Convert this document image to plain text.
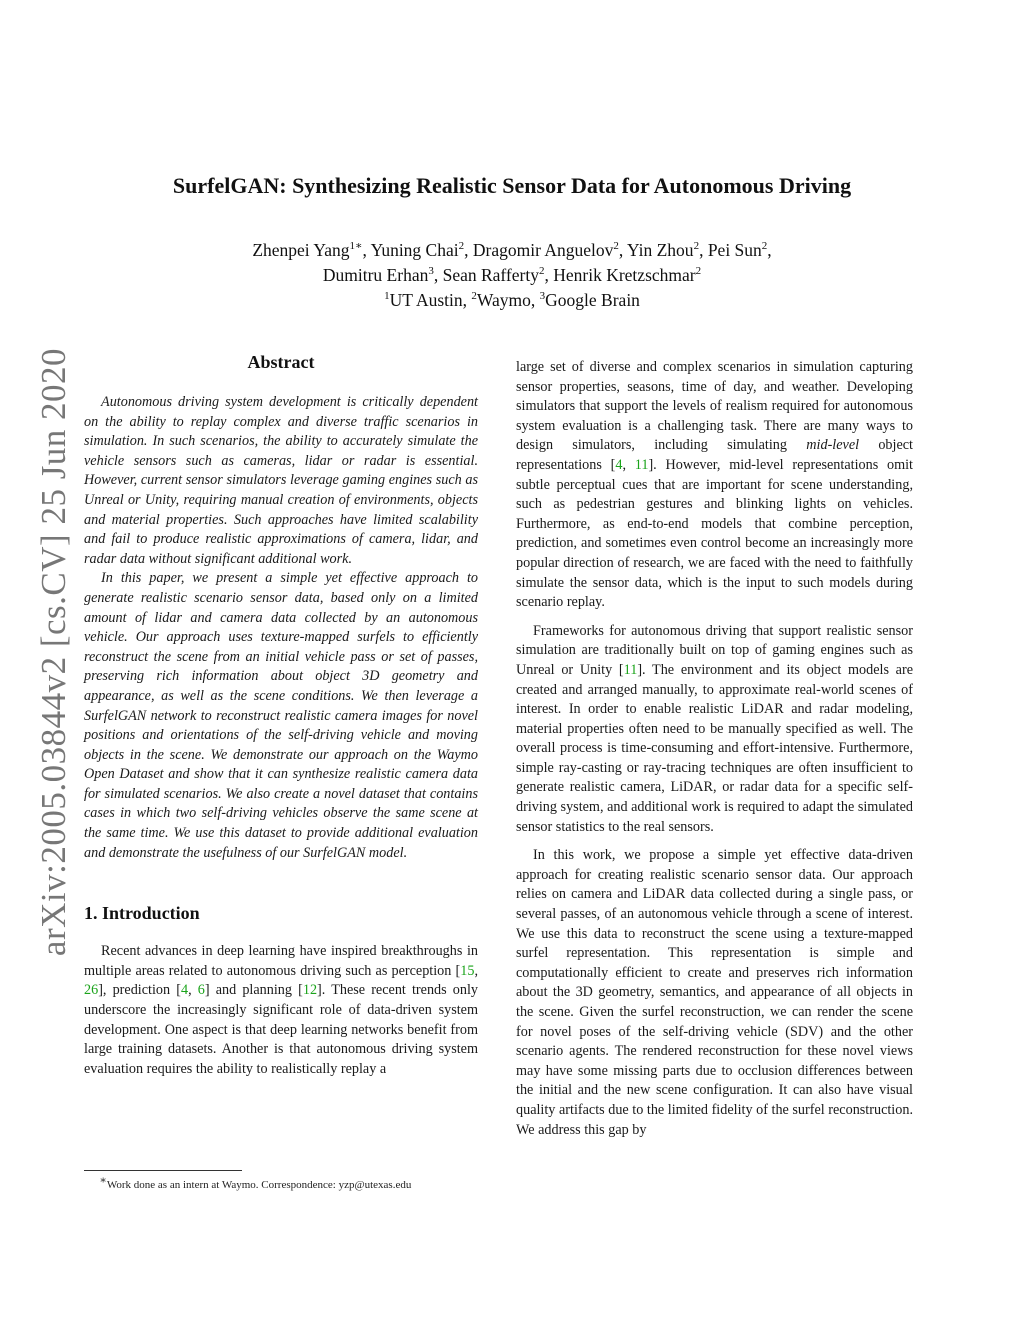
arXiv:2005.03844v2 [cs.CV] 25 Jun 2020
SurfelGAN: Synthesizing Realistic Sensor Data for Autonomous Driving
Zhenpei Yang$^{1∗}$, Yuning Chai$^2$, Dragomir Anguelov$^2$, Yin Zhou$^2$, Pei Sun$^2$,
Dumitru Erhan$^3$, Sean Rafferty$^2$, Henrik Kretzschmar$^2$
$^1$UT Austin, $^2$Waymo, $^3$Google Brain
Abstract

Autonomous driving system development is critically dependent on the ability to replay complex and diverse traffic scenarios in simulation. In such scenarios, the ability to accurately simulate the vehicle sensors such as cameras, lidar or radar is essential. However, current sensor simulators leverage gaming engines such as Unreal or Unity, requiring manual creation of environments, objects and material properties. Such approaches have limited scalability and fail to produce realistic approximations of camera, lidar, and radar data without significant additional work.

In this paper, we present a simple yet effective approach to generate realistic scenario sensor data, based only on a limited amount of lidar and camera data collected by an autonomous vehicle. Our approach uses texture-mapped surfels to efficiently reconstruct the scene from an initial vehicle pass or set of passes, preserving rich information about object 3D geometry and appearance, as well as the scene conditions. We then leverage a SurfelGAN network to reconstruct realistic camera images for novel positions and orientations of the self-driving vehicle and moving objects in the scene. We demonstrate our approach on the Waymo Open Dataset and show that it can synthesize realistic camera data for simulated scenarios. We also create a novel dataset that contains cases in which two self-driving vehicles observe the same scene at the same time. We use this dataset to provide additional evaluation and demonstrate the usefulness of our SurfelGAN model.

1. Introduction

Recent advances in deep learning have inspired breakthroughs in multiple areas related to autonomous driving such as perception [15, 26], prediction [4, 6] and planning [12]. These recent trends only underscore the increasingly significant role of data-driven system development. One aspect is that deep learning networks benefit from large training datasets. Another is that autonomous driving system evaluation requires the ability to realistically replay a

large set of diverse and complex scenarios in simulation capturing sensor properties, seasons, time of day, and weather. Developing simulators that support the levels of realism required for autonomous system evaluation is a challenging task. There are many ways to design simulators, including simulating mid-level object representations [4, 11]. However, mid-level representations omit subtle perceptual cues that are important for scene understanding, such as pedestrian gestures and blinking lights on vehicles. Furthermore, as end-to-end models that combine perception, prediction, and sometimes even control become an increasingly more popular direction of research, we are faced with the need to faithfully simulate the sensor data, which is the input to such models during scenario replay.

Frameworks for autonomous driving that support realistic sensor simulation are traditionally built on top of gaming engines such as Unreal or Unity [11]. The environment and its object models are created and arranged manually, to approximate real-world scenes of interest. In order to enable realistic LiDAR and radar modeling, material properties often need to be manually specified as well. The overall process is time-consuming and effort-intensive. Furthermore, simple ray-casting or ray-tracing techniques are often insufficient to generate realistic camera, LiDAR, or radar data for a specific self-driving system, and additional work is required to adapt the simulated sensor statistics to the real sensors.

In this work, we propose a simple yet effective data-driven approach for creating realistic scenario sensor data. Our approach relies on camera and LiDAR data collected during a single pass, or several passes, of an autonomous vehicle through a scene of interest. We use this data to reconstruct the scene using a texture-mapped surfel representation. This representation is simple and computationally efficient to create and preserves rich information about the 3D geometry, semantics, and appearance of all objects in the scene. Given the surfel reconstruction, we can render the scene for novel poses of the self-driving vehicle (SDV) and the other scenario agents. The rendered reconstruction for these novel views may have some missing parts due to occlusion differences between the initial and the new scene configuration. It can also have visual quality artifacts due to the limited fidelity of the surfel reconstruction. We address this gap by

∗Work done as an intern at Waymo. Correspondence: yzp@utexas.edu
